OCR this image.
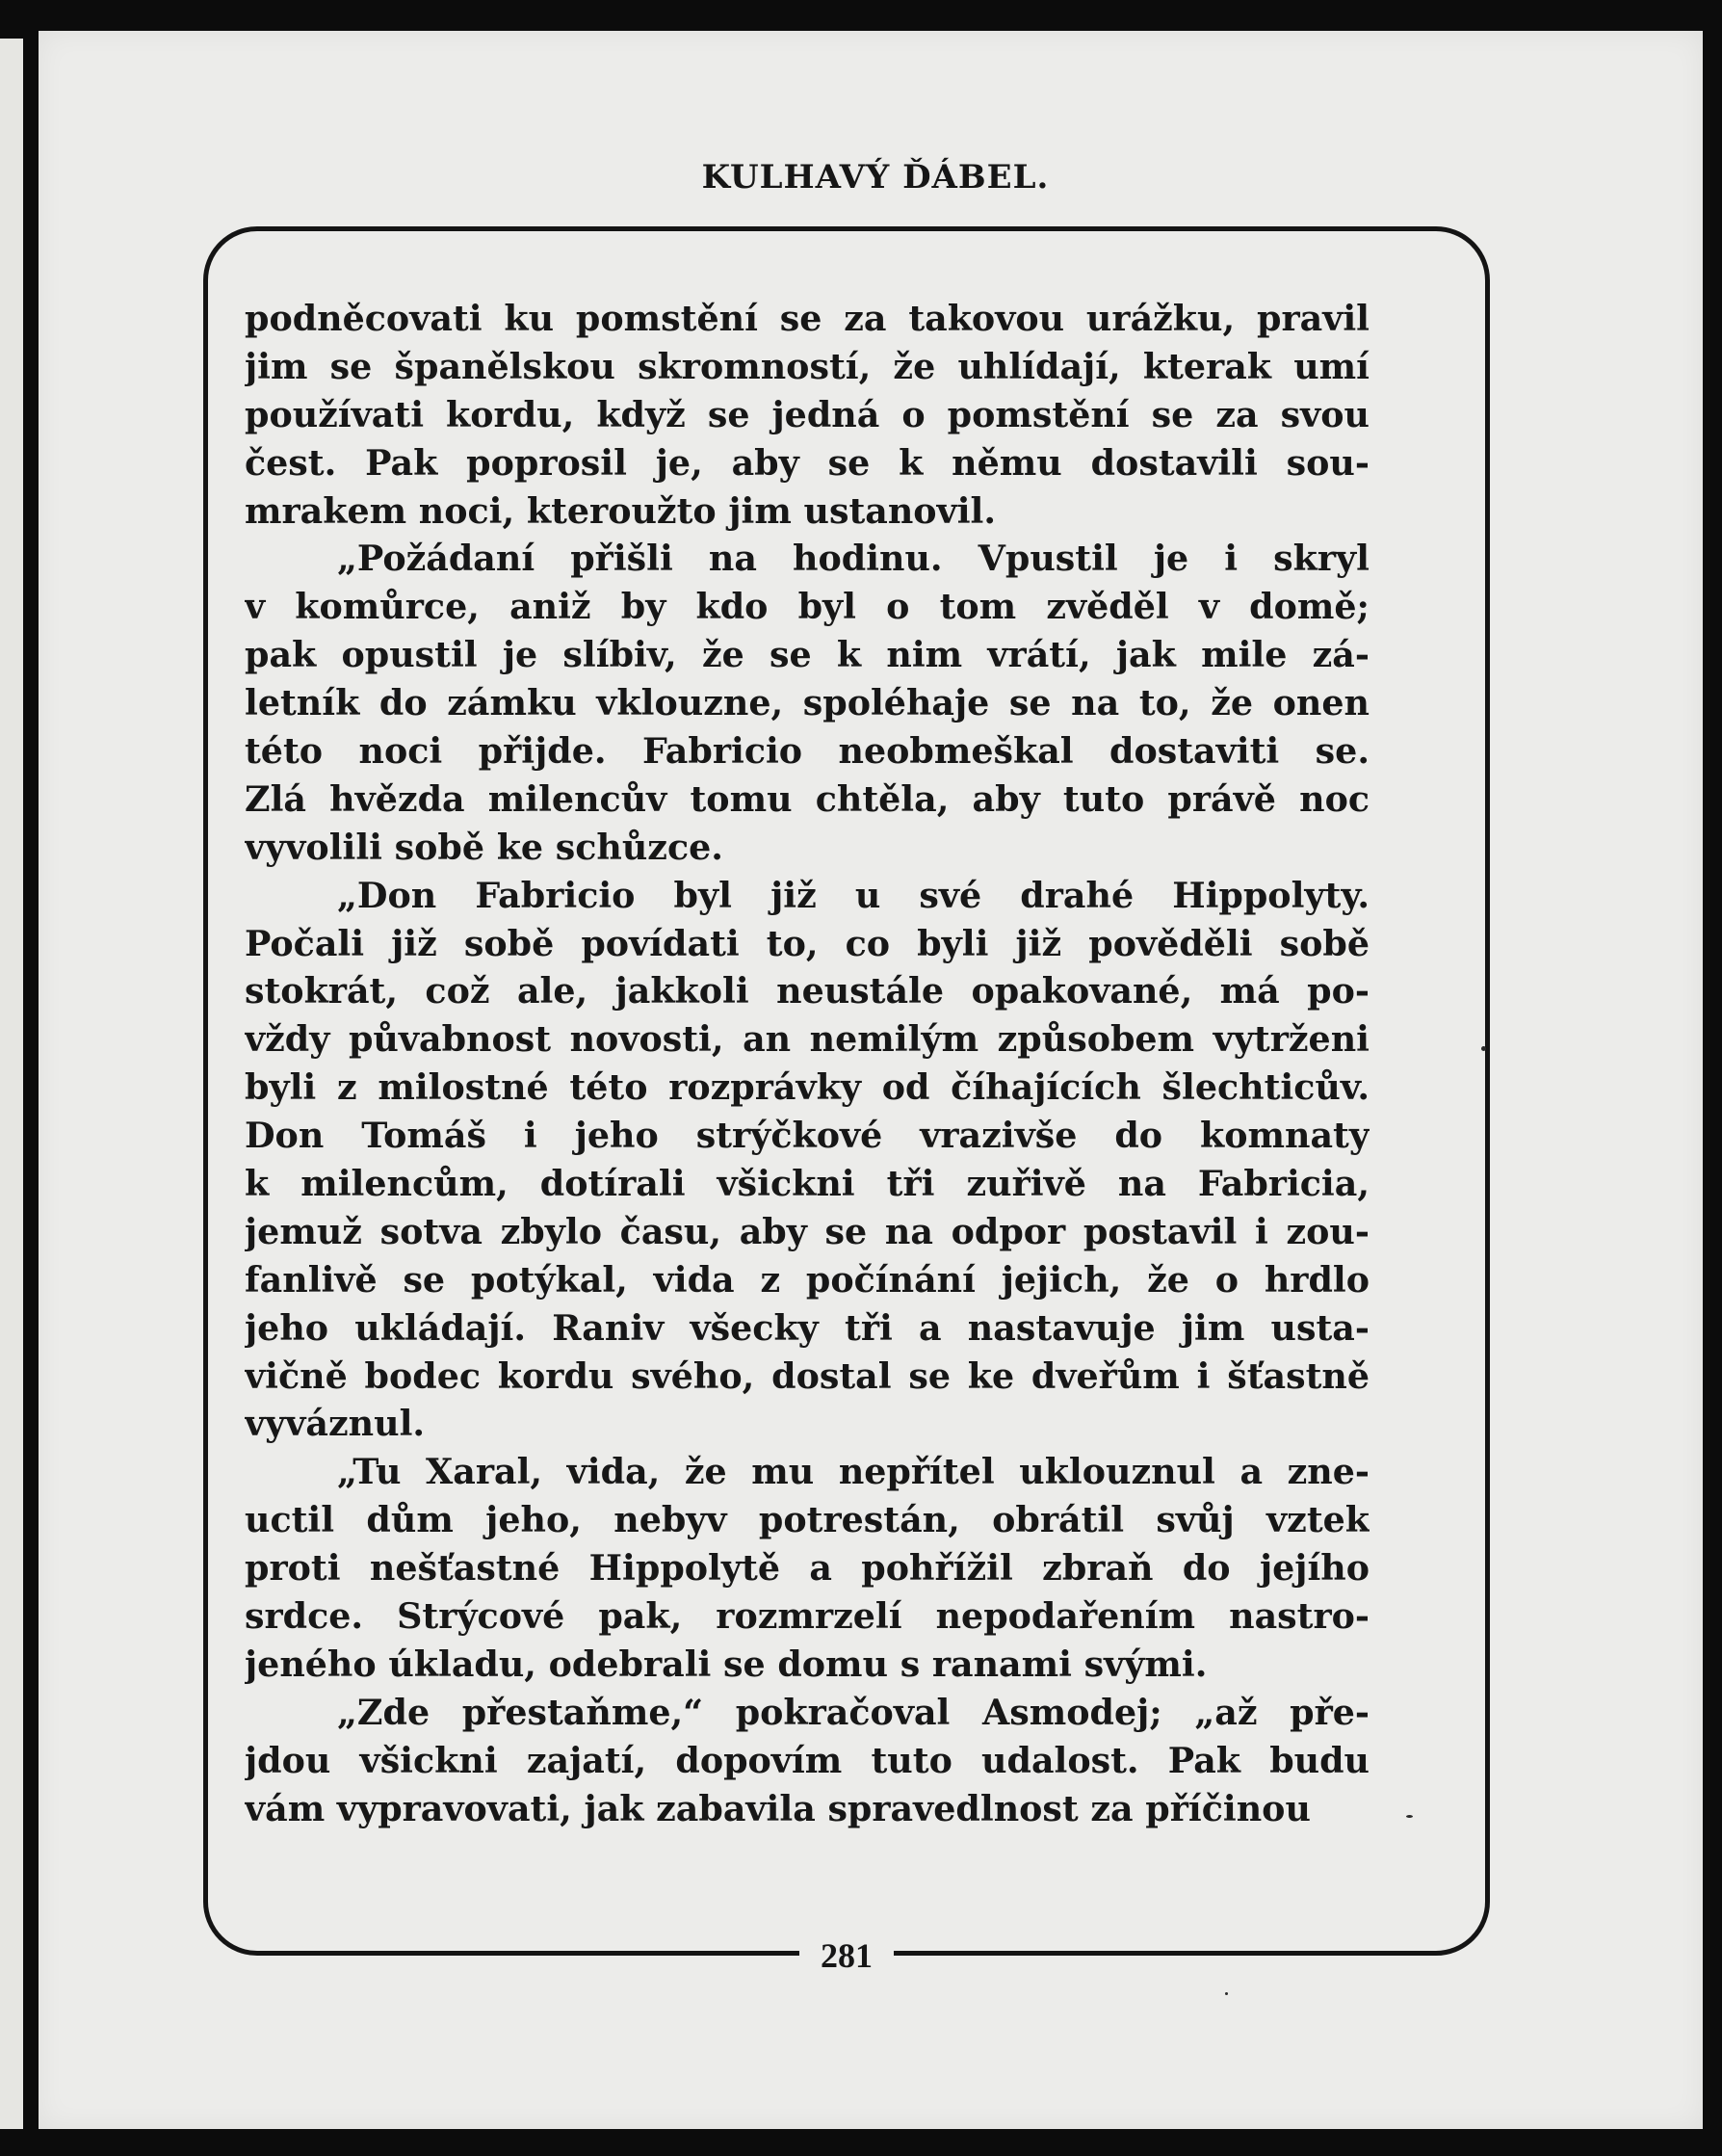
KULHAVÝ ĎÁBEL.
281
podněcovati ku pomstění se za takovou urážku, pravil
jim se španělskou skromností, že uhlídají, kterak umí
používati kordu, když se jedná o pomstění se za svou
čest. Pak poprosil je, aby se k němu dostavili sou-
mrakem noci, kteroužto jim ustanovil.
„Požádaní přišli na hodinu. Vpustil je i skryl
v komůrce, aniž by kdo byl o tom zvěděl v domě;
pak opustil je slíbiv, že se k nim vrátí, jak mile zá-
letník do zámku vklouzne, spoléhaje se na to, že onen
této noci přijde. Fabricio neobmeškal dostaviti se.
Zlá hvězda milencův tomu chtěla, aby tuto právě noc
vyvolili sobě ke schůzce.
„Don Fabricio byl již u své drahé Hippolyty.
Počali již sobě povídati to, co byli již pověděli sobě
stokrát, což ale, jakkoli neustále opakované, má po-
vždy půvabnost novosti, an nemilým způsobem vytrženi
byli z milostné této rozprávky od číhajících šlechticův.
Don Tomáš i jeho strýčkové vrazivše do komnaty
k milencům, dotírali všickni tři zuřivě na Fabricia,
jemuž sotva zbylo času, aby se na odpor postavil i zou-
fanlivě se potýkal, vida z počínání jejich, že o hrdlo
jeho ukládají. Raniv všecky tři a nastavuje jim usta-
vičně bodec kordu svého, dostal se ke dveřům i šťastně
vyváznul.
„Tu Xaral, vida, že mu nepřítel uklouznul a zne-
uctil dům jeho, nebyv potrestán, obrátil svůj vztek
proti nešťastné Hippolytě a pohřížil zbraň do jejího
srdce. Strýcové pak, rozmrzelí nepodařením nastro-
jeného úkladu, odebrali se domu s ranami svými.
„Zde přestaňme,“ pokračoval Asmodej; „až pře-
jdou všickni zajatí, dopovím tuto udalost. Pak budu
vám vypravovati, jak zabavila spravedlnost za příčinou
